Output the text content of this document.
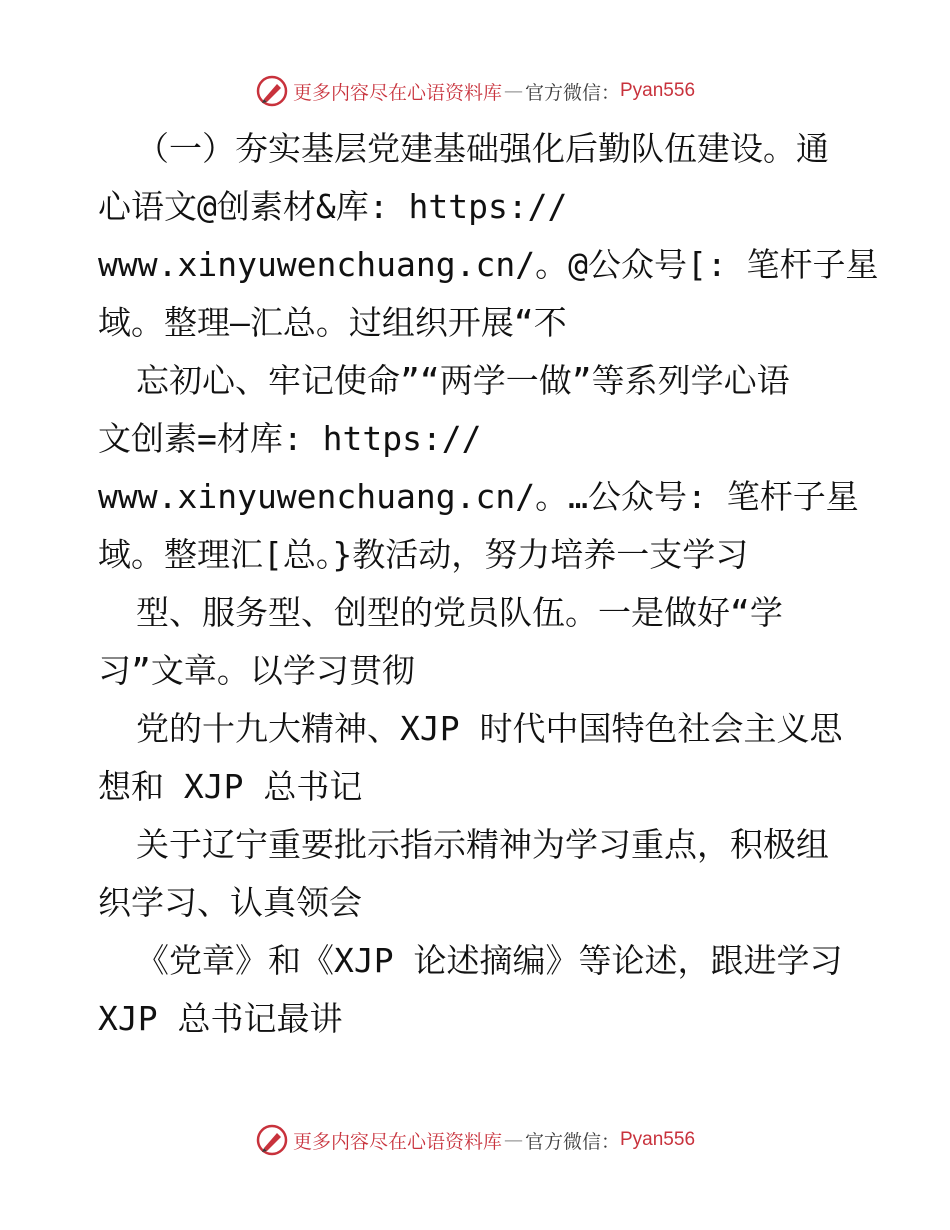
更多内容尽在心语资料库 — 官方微信： Pyan556
（一）夯实基层党建基础强化后勤队伍建设。通
心语文@创素材&库: https://
www.xinyuwenchuang.cn/。@公众号[: 笔杆子星
域。整理—汇总。过组织开展“不
忘初心、牢记使命”“两学一做”等系列学心语
文创素=材库: https://
www.xinyuwenchuang.cn/。…公众号: 笔杆子星
域。整理汇[总。}教活动，努力培养一支学习
型、服务型、创型的党员队伍。一是做好“学
习”文章。以学习贯彻
党的十九大精神、XJP 时代中国特色社会主义思
想和 XJP 总书记
关于辽宁重要批示指示精神为学习重点，积极组
织学习、认真领会
《党章》和《XJP 论述摘编》等论述，跟进学习
XJP 总书记最讲
更多内容尽在心语资料库 — 官方微信： Pyan556
